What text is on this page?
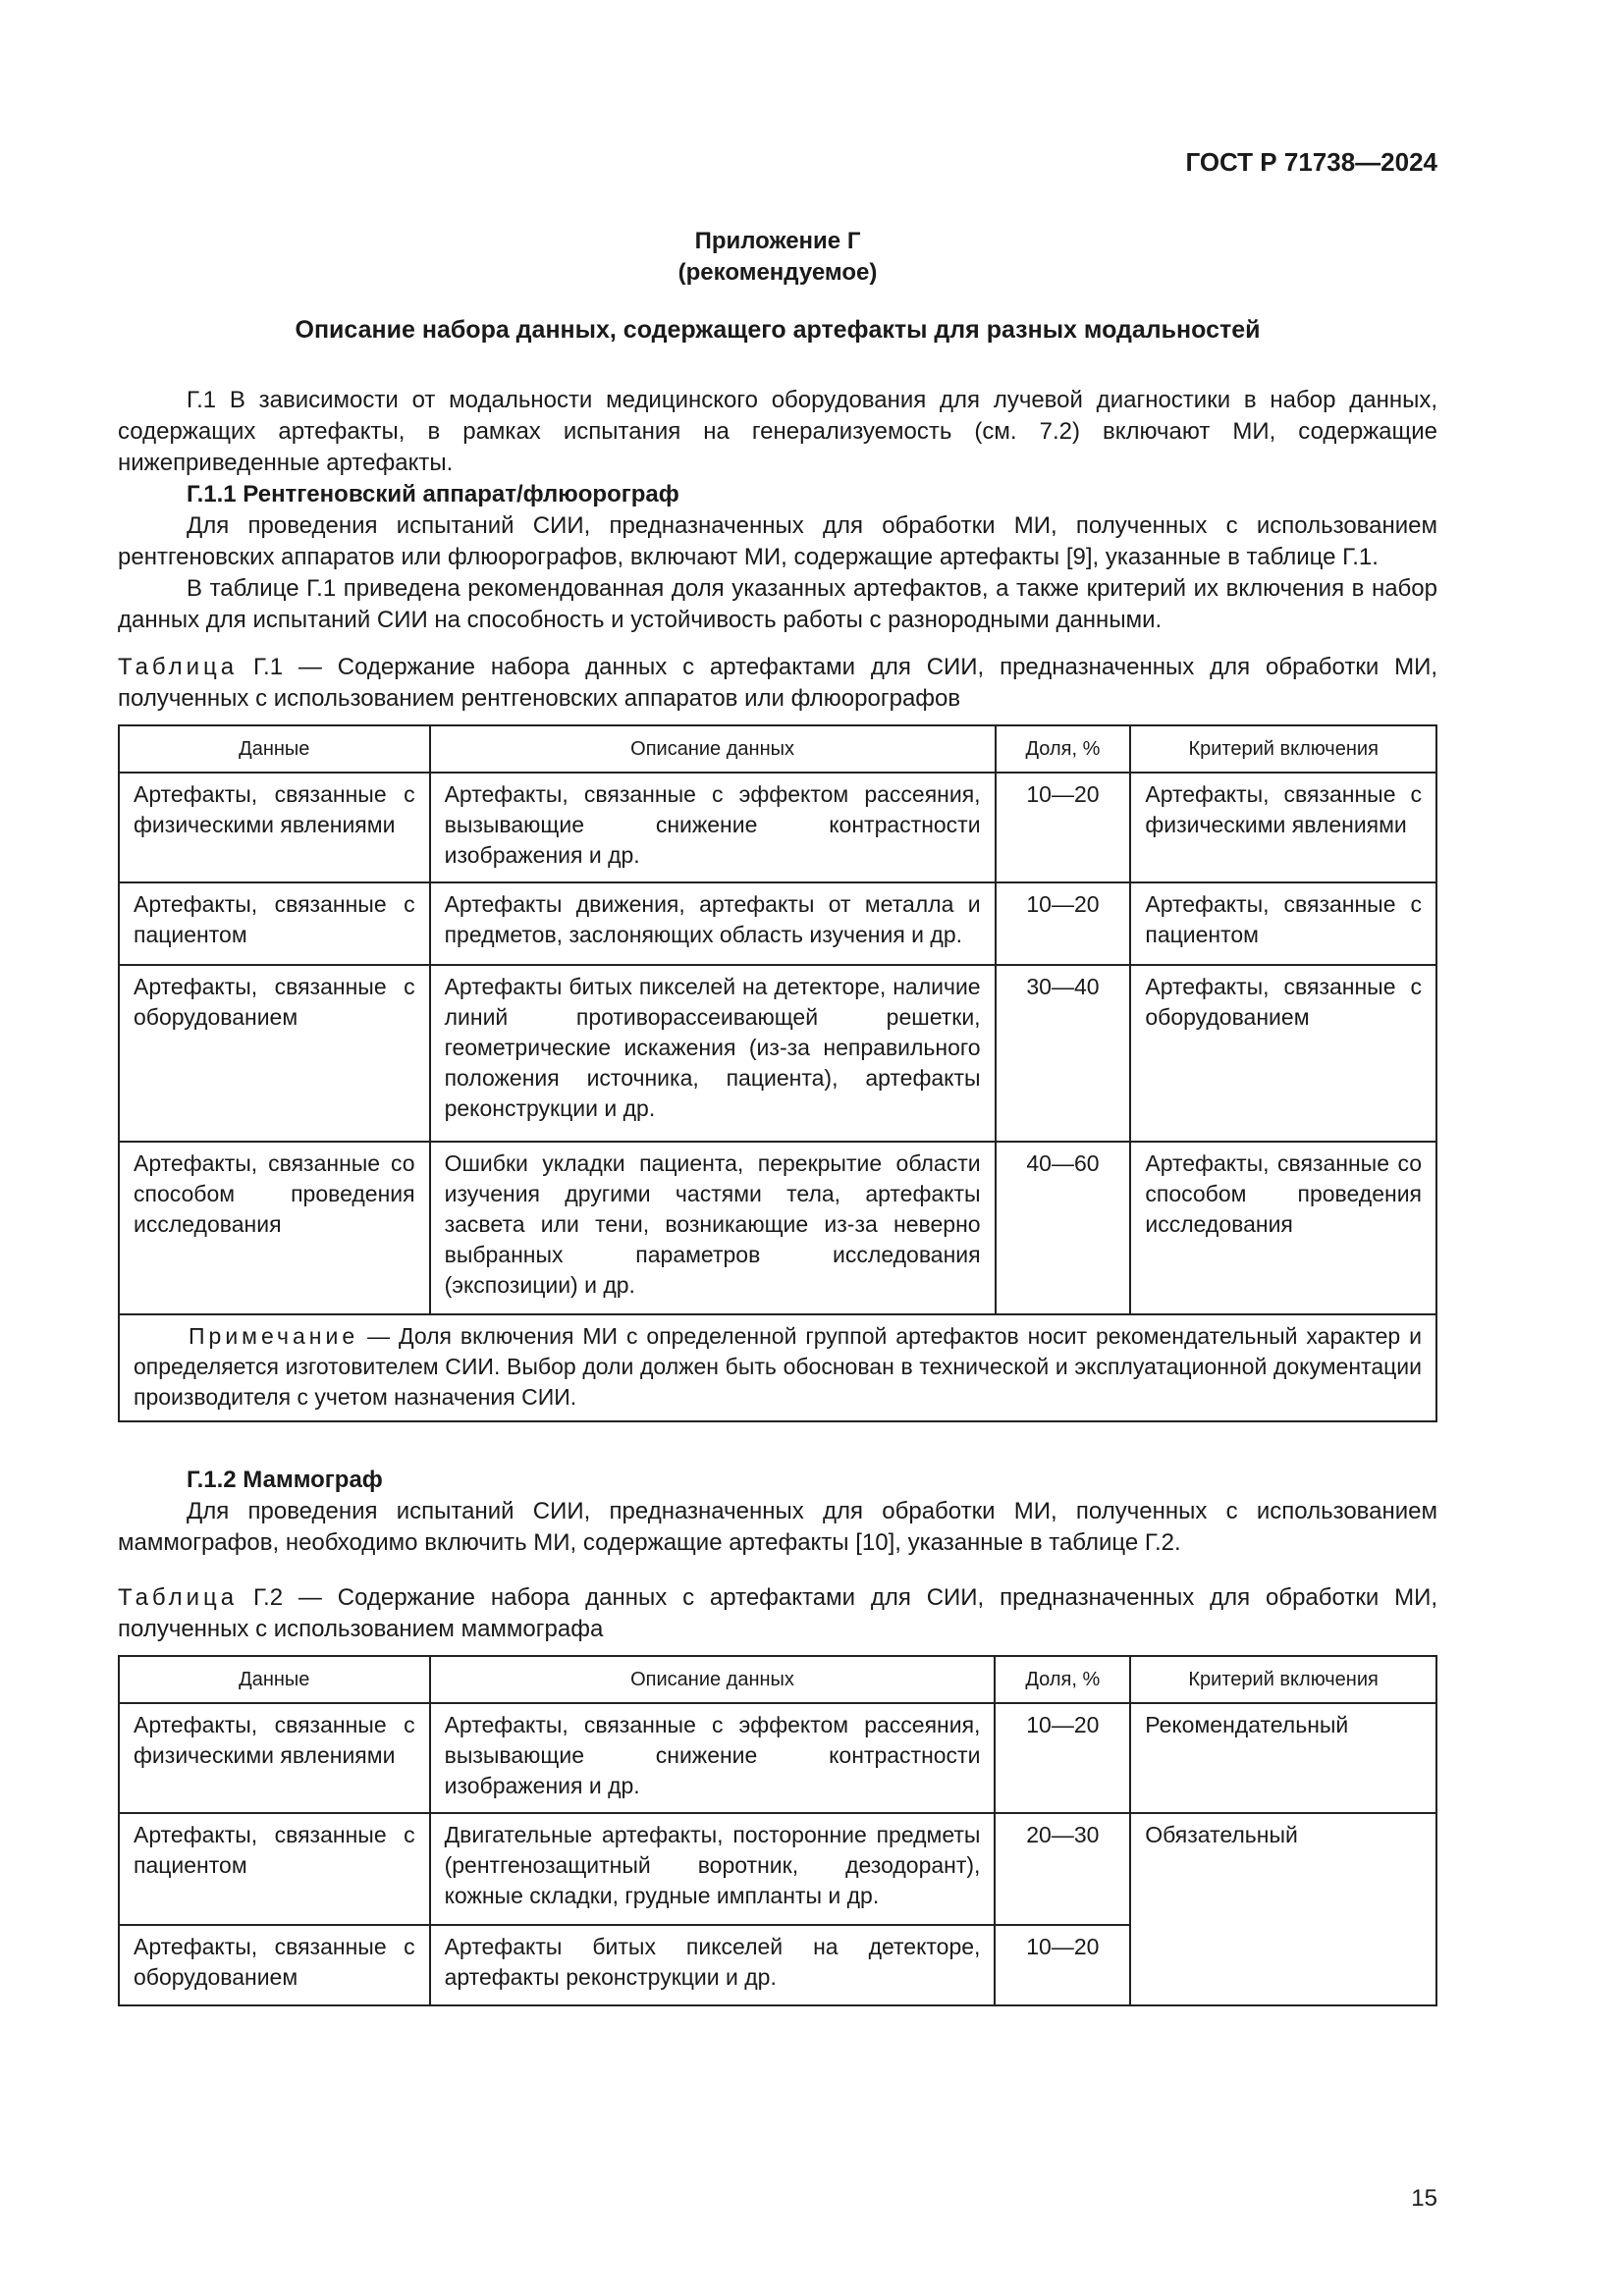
ГОСТ Р 71738—2024
Приложение Г
(рекомендуемое)
Описание набора данных, содержащего артефакты для разных модальностей

Г.1 В зависимости от модальности медицинского оборудования для лучевой диагностики в набор данных, содержащих артефакты, в рамках испытания на генерализуемость (см. 7.2) включают МИ, содержащие нижеприведенные артефакты.

Г.1.1 Рентгеновский аппарат/флюорограф

Для проведения испытаний СИИ, предназначенных для обработки МИ, полученных с использованием рентгеновских аппаратов или флюорографов, включают МИ, содержащие артефакты [9], указанные в таблице Г.1.

В таблице Г.1 приведена рекомендованная доля указанных артефактов, а также критерий их включения в набор данных для испытаний СИИ на способность и устойчивость работы с разнородными данными.

Таблица Г.1 — Содержание набора данных с артефактами для СИИ, предназначенных для обработки МИ, полученных с использованием рентгеновских аппаратов или флюорографов

Данные	Описание данных	Доля, %	Критерий включения
Артефакты, связанные с физическими явлениями	Артефакты, связанные с эффектом рассеяния, вызывающие снижение контрастности изображения и др.	10—20	Артефакты, связанные с физическими явлениями
Артефакты, связанные с пациентом	Артефакты движения, артефакты от металла и предметов, заслоняющих область изучения и др.	10—20	Артефакты, связанные с пациентом
Артефакты, связанные с оборудованием	Артефакты битых пикселей на детекторе, наличие линий противорассеивающей решетки, геометрические искажения (из-за неправильного положения источника, пациента), артефакты реконструкции и др.	30—40	Артефакты, связанные с оборудованием
Артефакты, связанные со способом проведения исследования	Ошибки укладки пациента, перекрытие области изучения другими частями тела, артефакты засвета или тени, возникающие из-за неверно выбранных параметров исследования (экспозиции) и др.	40—60	Артефакты, связанные со способом проведения исследования
Примечание — Доля включения МИ с определенной группой артефактов носит рекомендательный характер и определяется изготовителем СИИ. Выбор доли должен быть обоснован в технической и эксплуатационной документации производителя с учетом назначения СИИ.			

Г.1.2 Маммограф

Для проведения испытаний СИИ, предназначенных для обработки МИ, полученных с использованием маммографов, необходимо включить МИ, содержащие артефакты [10], указанные в таблице Г.2.

Таблица Г.2 — Содержание набора данных с артефактами для СИИ, предназначенных для обработки МИ, полученных с использованием маммографа

Данные	Описание данных	Доля, %	Критерий включения
Артефакты, связанные с физическими явлениями	Артефакты, связанные с эффектом рассеяния, вызывающие снижение контрастности изображения и др.	10—20	Рекомендательный
Артефакты, связанные с пациентом	Двигательные артефакты, посторонние предметы (рентгенозащитный воротник, дезодорант), кожные складки, грудные импланты и др.	20—30	Обязательный
Артефакты, связанные с оборудованием	Артефакты битых пикселей на детекторе, артефакты реконструкции и др.	10—20	
15
